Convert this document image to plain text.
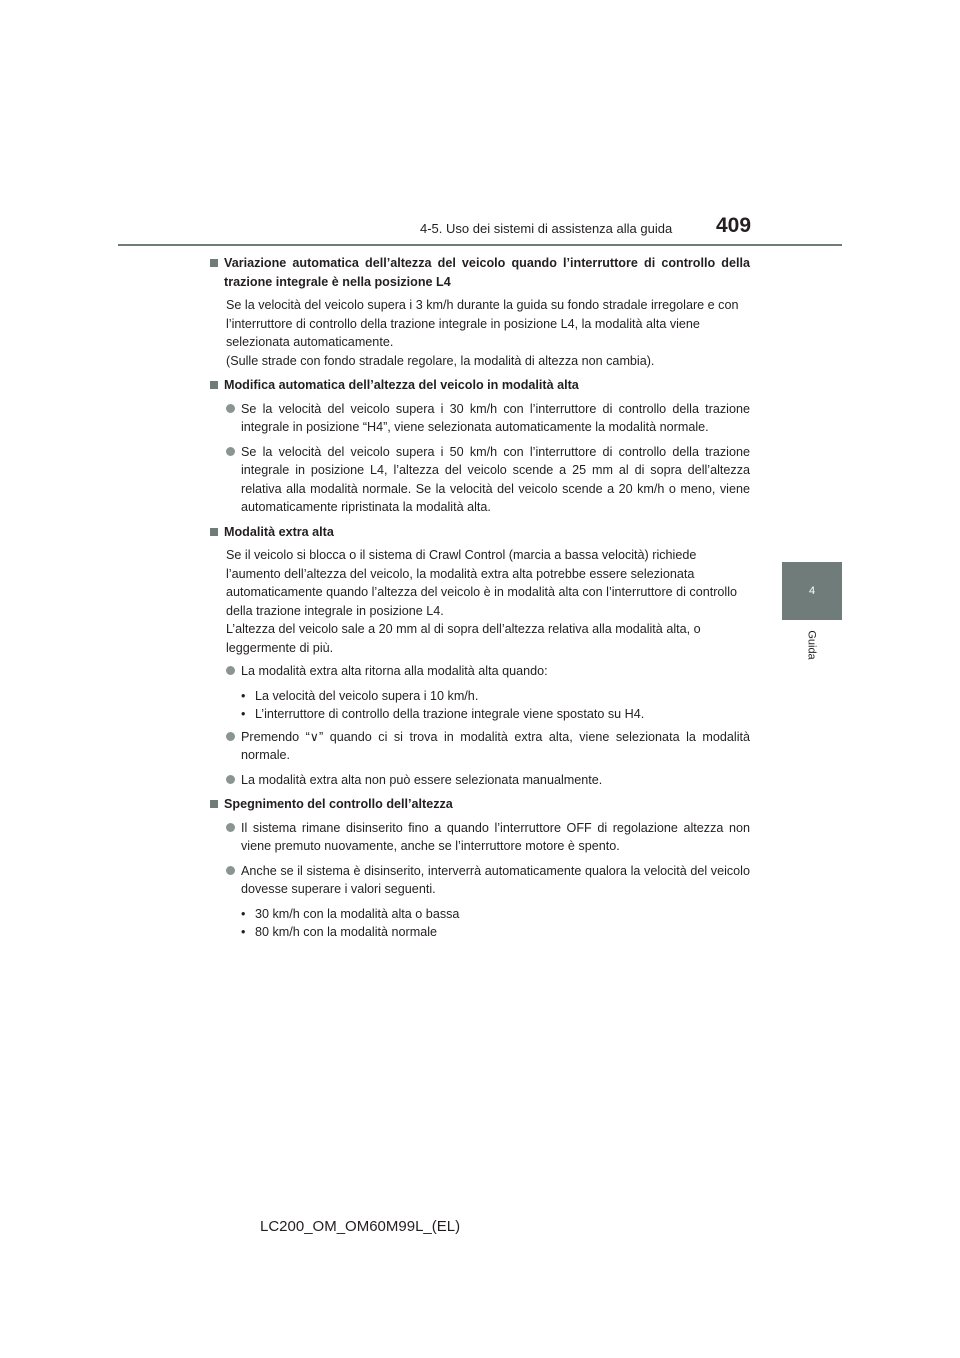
4-5. Uso dei sistemi di assistenza alla guida 409
4
Guida
Variazione automatica dell’altezza del veicolo quando l’interruttore di controllo della trazione integrale è nella posizione L4
Se la velocità del veicolo supera i 3 km/h durante la guida su fondo stradale irregolare e con l’interruttore di controllo della trazione integrale in posizione L4, la modalità alta viene selezionata automaticamente.
(Sulle strade con fondo stradale regolare, la modalità di altezza non cambia).
Modifica automatica dell’altezza del veicolo in modalità alta
Se la velocità del veicolo supera i 30 km/h con l’interruttore di controllo della trazione integrale in posizione “H4”, viene selezionata automaticamente la modalità normale.
Se la velocità del veicolo supera i 50 km/h con l’interruttore di controllo della trazione integrale in posizione L4, l’altezza del veicolo scende a 25 mm al di sopra dell’altezza relativa alla modalità normale. Se la velocità del veicolo scende a 20 km/h o meno, viene automaticamente ripristinata la modalità alta.
Modalità extra alta
Se il veicolo si blocca o il sistema di Crawl Control (marcia a bassa velocità) richiede l’aumento dell’altezza del veicolo, la modalità extra alta potrebbe essere selezionata automaticamente quando l’altezza del veicolo è in modalità alta con l’interruttore di controllo della trazione integrale in posizione L4.
L’altezza del veicolo sale a 20 mm al di sopra dell’altezza relativa alla modalità alta, o leggermente di più.
La modalità extra alta ritorna alla modalità alta quando:
• La velocità del veicolo supera i 10 km/h.
• L’interruttore di controllo della trazione integrale viene spostato su H4.
Premendo “∨” quando ci si trova in modalità extra alta, viene selezionata la modalità normale.
La modalità extra alta non può essere selezionata manualmente.
Spegnimento del controllo dell’altezza
Il sistema rimane disinserito fino a quando l’interruttore OFF di regolazione altezza non viene premuto nuovamente, anche se l’interruttore motore è spento.
Anche se il sistema è disinserito, interverrà automaticamente qualora la velocità del veicolo dovesse superare i valori seguenti.
• 30 km/h con la modalità alta o bassa
• 80 km/h con la modalità normale
LC200_OM_OM60M99L_(EL)
